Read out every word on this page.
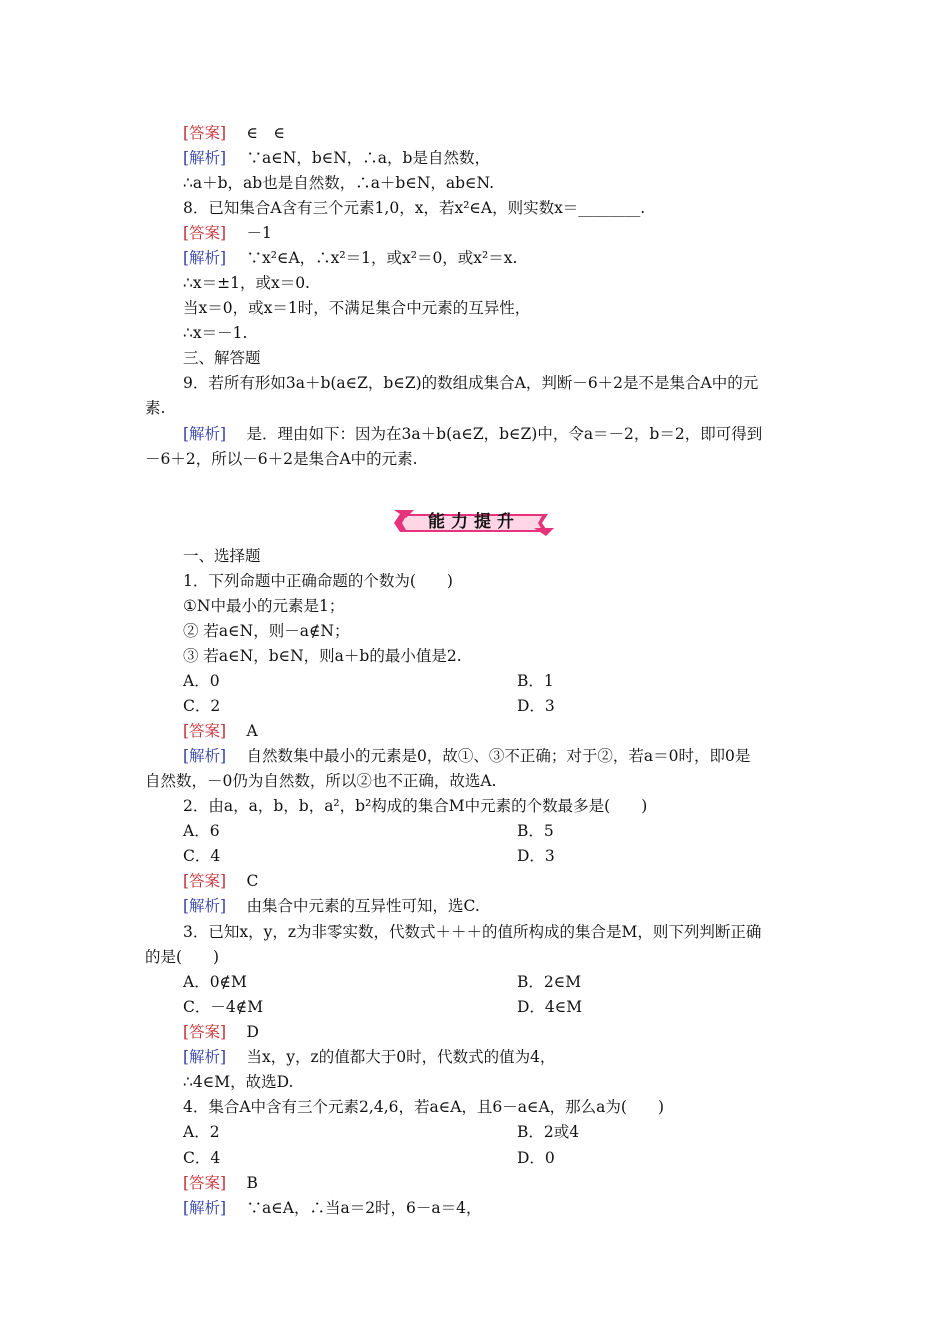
[答案]　 ∈　∈
[解析]　 ∵a∈N，b∈N，∴a，b是自然数，
∴a＋b，ab也是自然数，∴a＋b∈N，ab∈N.
8．已知集合A含有三个元素1,0，x，若x²∈A，则实数x＝________.
[答案]　 －1
[解析]　 ∵x²∈A，∴x²＝1，或x²＝0，或x²＝x.
∴x＝±1，或x＝0.
当x＝0，或x＝1时，不满足集合中元素的互异性，
∴x＝－1.
三、解答题
9．若所有形如3a＋b(a∈Z，b∈Z)的数组成集合A，判断－6＋2是不是集合A中的元
素.
[解析]　 是．理由如下：因为在3a＋b(a∈Z，b∈Z)中，令a＝－2，b＝2，即可得到
－6＋2，所以－6＋2是集合A中的元素.
能力提升
一、选择题
1．下列命题中正确命题的个数为(　　)
①N中最小的元素是1；
② 若a∈N，则－a∉N；
③ 若a∈N，b∈N，则a＋b的最小值是2.
A．0	B．1
C．2	D．3
[答案]　 A
[解析]　 自然数集中最小的元素是0，故①、③不正确；对于②，若a＝0时，即0是
自然数，－0仍为自然数，所以②也不正确，故选A.
2．由a，a，b，b，a²，b²构成的集合M中元素的个数最多是(　　)
A．6	B．5
C．4	D．3
[答案]　 C
[解析]　 由集合中元素的互异性可知，选C.
3．已知x，y，z为非零实数，代数式＋＋＋的值所构成的集合是M，则下列判断正确
的是(　　)
A．0∉M	B．2∈M
C．－4∉M	D．4∈M
[答案]　 D
[解析]　 当x，y，z的值都大于0时，代数式的值为4，
∴4∈M，故选D.
4．集合A中含有三个元素2,4,6，若a∈A，且6－a∈A，那么a为(　　)
A．2	B．2或4
C．4	D．0
[答案]　 B
[解析]　 ∵a∈A，∴当a＝2时，6－a＝4，
